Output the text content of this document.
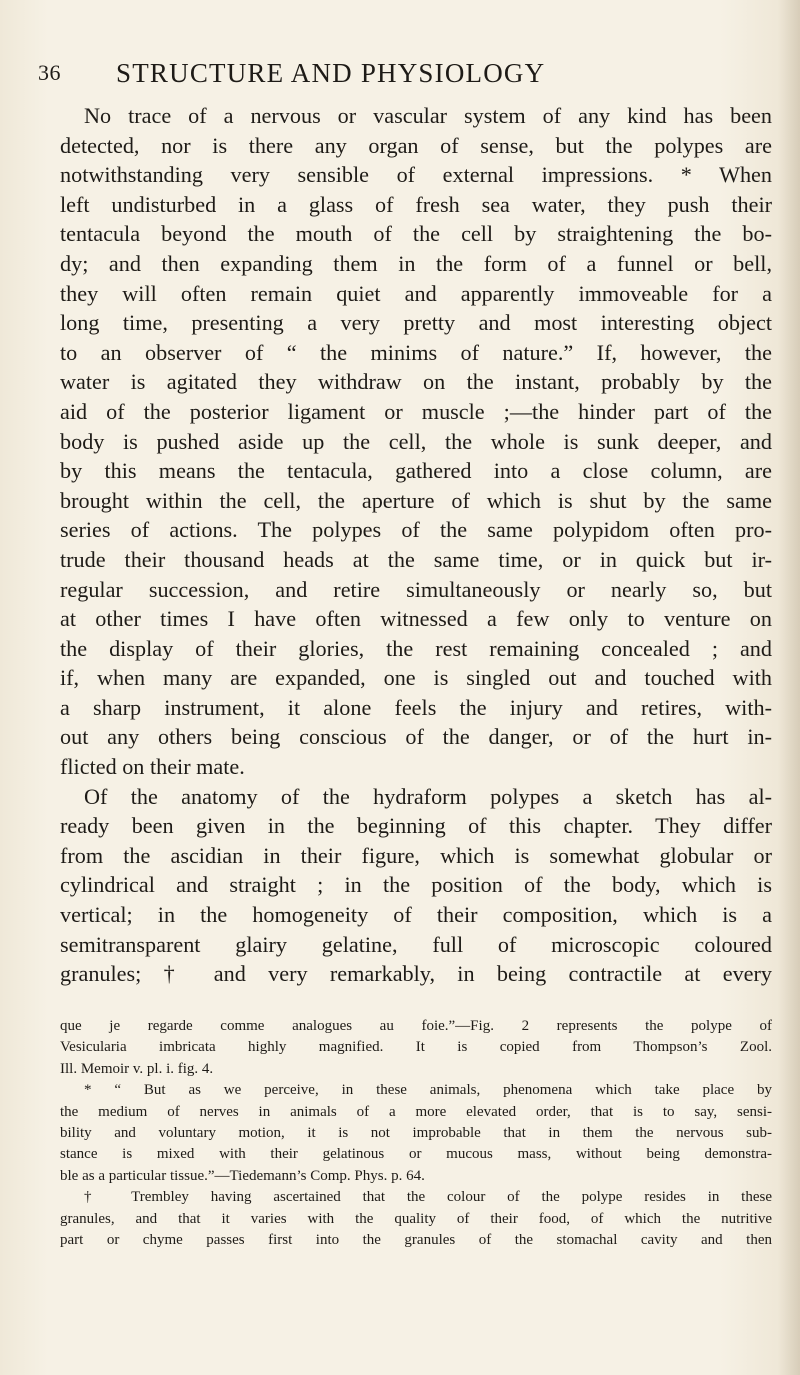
36 STRUCTURE AND PHYSIOLOGY
No trace of a nervous or vascular system of any kind has been
detected, nor is there any organ of sense, but the polypes are
notwithstanding very sensible of external impressions. * When
left undisturbed in a glass of fresh sea water, they push their
tentacula beyond the mouth of the cell by straightening the bo-
dy; and then expanding them in the form of a funnel or bell,
they will often remain quiet and apparently immoveable for a
long time, presenting a very pretty and most interesting object
to an observer of “ the minims of nature.” If, however, the
water is agitated they withdraw on the instant, probably by the
aid of the posterior ligament or muscle ;—the hinder part of the
body is pushed aside up the cell, the whole is sunk deeper, and
by this means the tentacula, gathered into a close column, are
brought within the cell, the aperture of which is shut by the same
series of actions. The polypes of the same polypidom often pro-
trude their thousand heads at the same time, or in quick but ir-
regular succession, and retire simultaneously or nearly so, but
at other times I have often witnessed a few only to venture on
the display of their glories, the rest remaining concealed ; and
if, when many are expanded, one is singled out and touched with
a sharp instrument, it alone feels the injury and retires, with-
out any others being conscious of the danger, or of the hurt in-
flicted on their mate.
Of the anatomy of the hydraform polypes a sketch has al-
ready been given in the beginning of this chapter. They differ
from the ascidian in their figure, which is somewhat globular or
cylindrical and straight ; in the position of the body, which is
vertical; in the homogeneity of their composition, which is a
semitransparent glairy gelatine, full of microscopic coloured
granules; † and very remarkably, in being contractile at every
que je regarde comme analogues au foie.”—Fig. 2 represents the polype of
Vesicularia imbricata highly magnified. It is copied from Thompson’s Zool.
Ill. Memoir v. pl. i. fig. 4.
* “ But as we perceive, in these animals, phenomena which take place by
the medium of nerves in animals of a more elevated order, that is to say, sensi-
bility and voluntary motion, it is not improbable that in them the nervous sub-
stance is mixed with their gelatinous or mucous mass, without being demonstra-
ble as a particular tissue.”—Tiedemann’s Comp. Phys. p. 64.
† Trembley having ascertained that the colour of the polype resides in these
granules, and that it varies with the quality of their food, of which the nutritive
part or chyme passes first into the granules of the stomachal cavity and then
